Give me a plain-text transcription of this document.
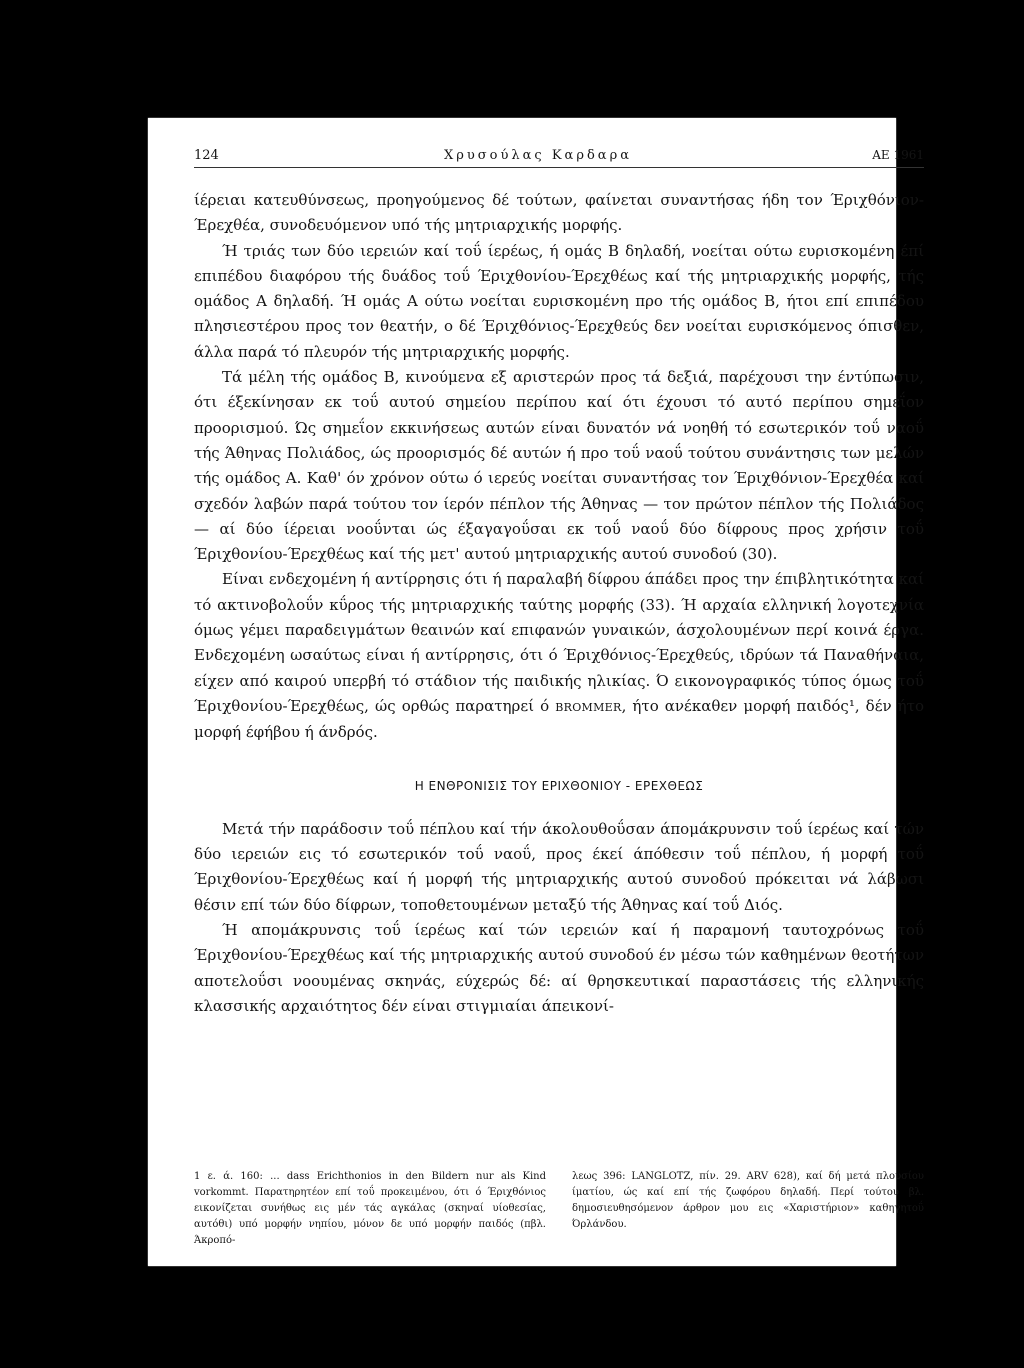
124	Χρυσούλας Καρδαρα	ΑΕ 1961

ίέρειαι κατευθύνσεως, προηγούμενος δέ τούτων, φαίνεται συναντήσας ήδη τον Έριχθόνιον-Έρεχθέα, συνοδευόμενον υπό τής μητριαρχικής μορφής.

Ή τριάς των δύο ιερειών καί τοΰ ίερέως, ή ομάς Β δηλαδή, νοείται ούτω ευρισκομένη έπί επιπέδου διαφόρου τής δυάδος τοΰ Έριχθονίου-Έρεχθέως καί τής μητριαρχικής μορφής, τής ομάδος Α δηλαδή. Ή ομάς Α ούτω νοείται ευρισκομένη προ τής ομάδος Β, ήτοι επί επιπέδου πλησιεστέρου προς τον θεατήν, ο δέ Έριχθόνιος-Έρεχθεύς δεν νοείται ευρισκόμενος όπισθεν, άλλα παρά τό πλευρόν τής μητριαρχικής μορφής.

Τά μέλη τής ομάδος Β, κινούμενα εξ αριστερών προς τά δεξιά, παρέχουσι την έντύπωσιν, ότι έξεκίνησαν εκ τοΰ αυτού σημείου περίπου καί ότι έχουσι τό αυτό περίπου σημεΐον προορισμού. Ώς σημεΐον εκκινήσεως αυτών είναι δυνατόν νά νοηθή τό εσωτερικόν τοΰ ναοΰ τής Άθηνας Πολιάδος, ώς προορισμός δέ αυτών ή προ τοΰ ναοΰ τούτου συνάντησις των μελών τής ομάδος Α. Καθ' όν χρόνον ούτω ό ιερεύς νοείται συναντήσας τον Έριχθόνιον-Έρεχθέα καί σχεδόν λαβών παρά τούτου τον ίερόν πέπλον τής Άθηνας — τον πρώτον πέπλον τής Πολιάδος — αί δύο ίέρειαι νοοΰνται ώς έξαγαγοΰσαι εκ τοΰ ναοΰ δύο δίφρους προς χρήσιν τοΰ Έριχθονίου-Έρεχθέως καί τής μετ' αυτού μητριαρχικής αυτού συνοδού (30).

Είναι ενδεχομένη ή αντίρρησις ότι ή παραλαβή δίφρου άπάδει προς την έπιβλητικότητα καί τό ακτινοβολοΰν κΰρος τής μητριαρχικής ταύτης μορφής (33). Ή αρχαία ελληνική λογοτεχνία όμως γέμει παραδειγμάτων θεαινών καί επιφανών γυναικών, άσχολουμένων περί κοινά έργα. Ενδεχομένη ωσαύτως είναι ή αντίρρησις, ότι ό Έριχθόνιος-Έρεχθεύς, ιδρύων τά Παναθήναια, είχεν από καιρού υπερβή τό στάδιον τής παιδικής ηλικίας. Ό εικονογραφικός τύπος όμως τοΰ Έριχθονίου-Έρεχθέως, ώς ορθώς παρατηρεί ό BROMMER, ήτο ανέκαθεν μορφή παιδός¹, δέν ήτο μορφή έφήβου ή άνδρός.

Η ΕΝΘΡΟΝΙΣΙΣ ΤΟΥ ΕΡΙΧΘΟΝΙΟΥ - ΕΡΕΧΘΕΩΣ

Μετά τήν παράδοσιν τοΰ πέπλου καί τήν άκολουθοΰσαν άπομάκρυνσιν τοΰ ίερέως καί τών δύο ιερειών εις τό εσωτερικόν τοΰ ναοΰ, προς έκεί άπόθεσιν τοΰ πέπλου, ή μορφή τοΰ Έριχθονίου-Έρεχθέως καί ή μορφή τής μητριαρχικής αυτού συνοδού πρόκειται νά λάβωσι θέσιν επί τών δύο δίφρων, τοποθετουμένων μεταξύ τής Άθηνας καί τοΰ Διός.

Ή απομάκρυνσις τοΰ ίερέως καί τών ιερειών καί ή παραμονή ταυτοχρόνως τοΰ Έριχθονίου-Έρεχθέως καί τής μητριαρχικής αυτού συνοδού έν μέσω τών καθημένων θεοτήτων αποτελοΰσι νοουμένας σκηνάς, εύχερώς δέ: αί θρησκευτικαί παραστάσεις τής ελληνικής κλασσικής αρχαιότητος δέν είναι στιγμιαίαι άπεικονί-

1 ε. ά. 160: ... dass Erichthonios in den Bildern nur als Kind vorkommt. Παρατηρητέον επί τοΰ προκειμένου, ότι ό Έριχθόνιος εικονίζεται συνήθως εις μέν τάς αγκάλας (σκηναί υίοθεσίας, αυτόθι) υπό μορφήν νηπίου, μόνον δε υπό μορφήν παιδός (πβλ. Άκροπό-
λεως 396: LANGLOTZ, πίν. 29. ARV 628), καί δή μετά πλουσίου ίματίου, ώς καί επί τής ζωφόρου δηλαδή. Περί τούτου βλ. δημοσιευθησόμενον άρθρον μου εις «Χαριστήριον» καθηγητοΰ Όρλάνδου.
